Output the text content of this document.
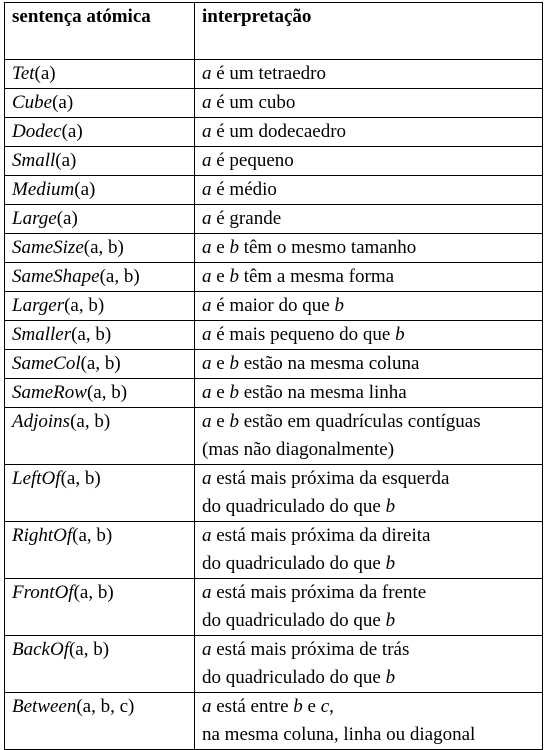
sentença atómica	interpretação
Tet(a)	a é um tetraedro

Cube(a)	a é um cubo

Dodec(a)	a é um dodecaedro

Small(a)	a é pequeno

Medium(a)	a é médio

Large(a)	a é grande

SameSize(a, b)	a e b têm o mesmo tamanho

SameShape(a, b)	a e b têm a mesma forma

Larger(a, b)	a é maior do que b

Smaller(a, b)	a é mais pequeno do que b

SameCol(a, b)	a e b estão na mesma coluna

SameRow(a, b)	a e b estão na mesma linha

Adjoins(a, b)	a e b estão em quadrículas contíguas
(mas não diagonalmente)

LeftOf(a, b)	a está mais próxima da esquerda
do quadriculado do que b

RightOf(a, b)	a está mais próxima da direita
do quadriculado do que b

FrontOf(a, b)	a está mais próxima da frente
do quadriculado do que b

BackOf(a, b)	a está mais próxima de trás
do quadriculado do que b

Between(a, b, c)	a está entre b e c,
na mesma coluna, linha ou diagonal
